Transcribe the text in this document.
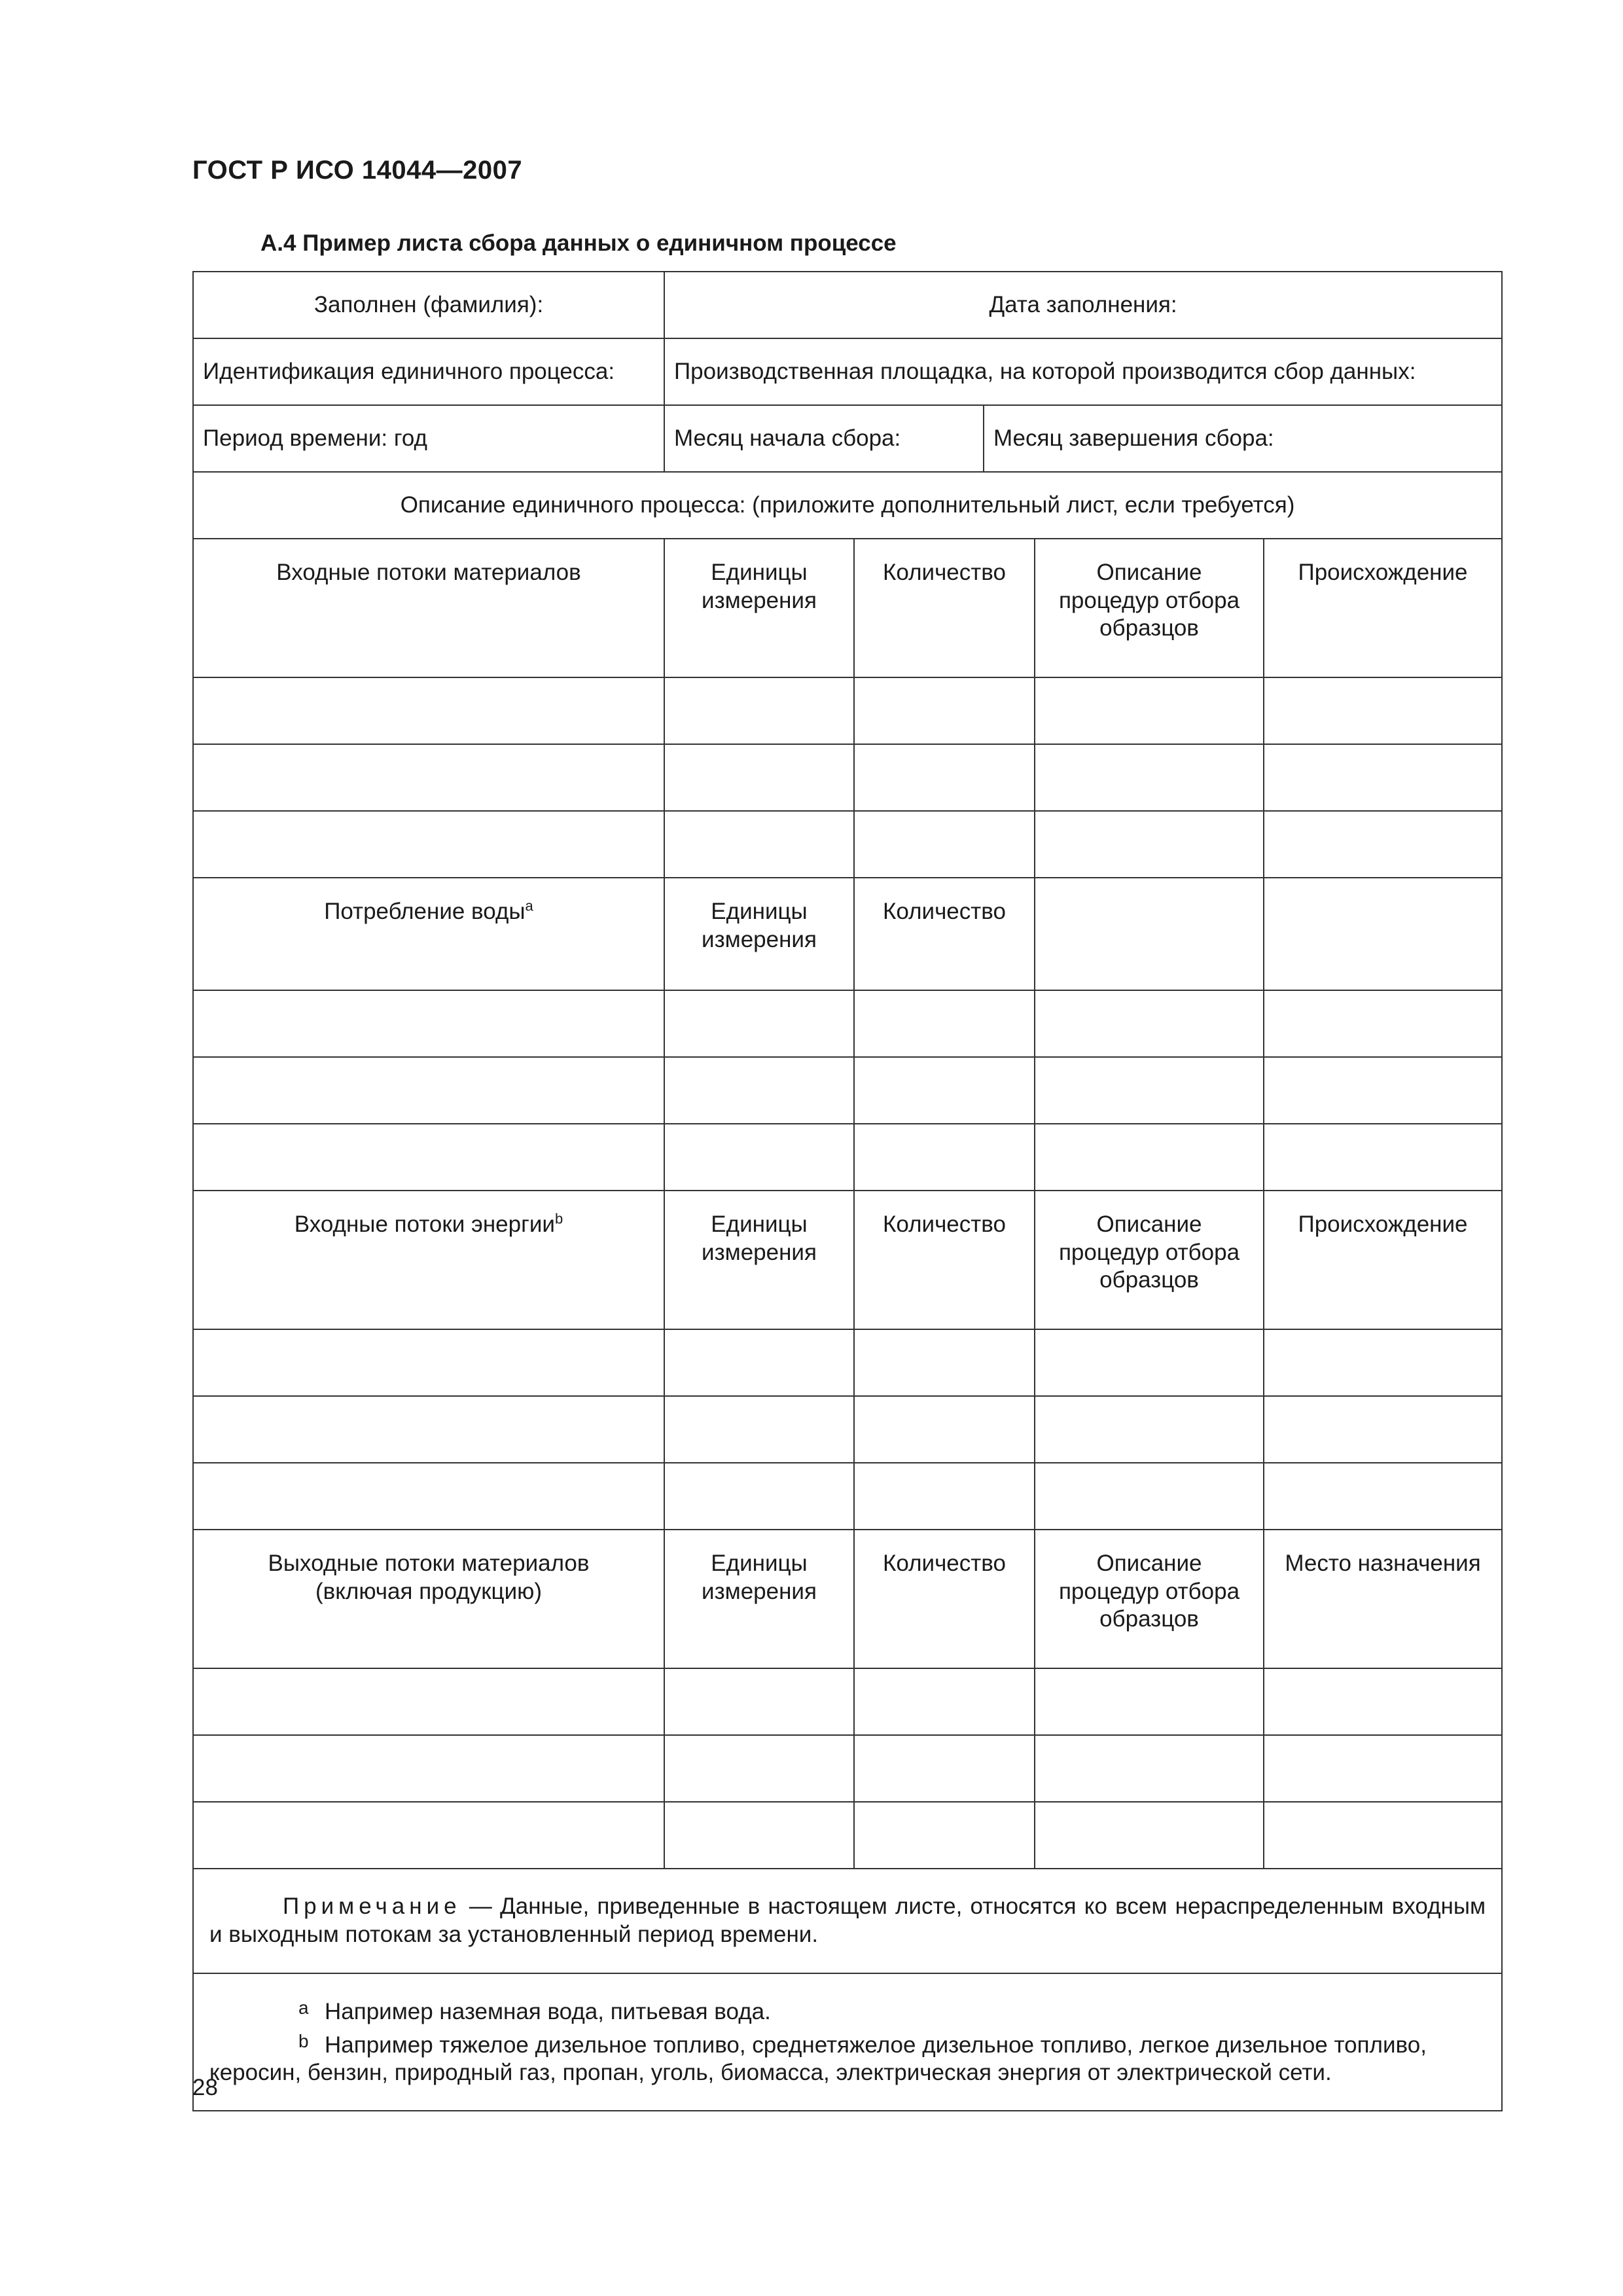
ГОСТ Р ИСО 14044—2007
А.4 Пример листа сбора данных о единичном процессе
Заполнен (фамилия):	Дата заполнения:				
Идентификация единичного процесса:	Производственная площадка, на которой производится сбор данных:				
Период времени: год	Месяц начала сбора:		Месяц завершения сбора:		
Описание единичного процесса: (приложите дополнительный лист, если требуется)					
Входные потоки материалов	Единицы измерения	Количество		Описание процедур отбора образцов	Происхождение

Потребление воды$^a$	Единицы измерения	Количество			

Входные потоки энергии$^b$	Единицы измерения	Количество		Описание процедур отбора образцов	Происхождение

Выходные потоки материалов
(включая продукцию)	Единицы измерения	Количество		Описание процедур отбора образцов	Место назначения

Примечание — Данные, приведенные в настоящем листе, относятся ко всем нераспределенным входным и выходным потокам за установленный период времени.					

a Например наземная вода, питьевая вода.
b Например тяжелое дизельное топливо, среднетяжелое дизельное топливо, легкое дизельное топливо, керосин, бензин, природный газ, пропан, уголь, биомасса, электрическая энергия от электрической сети.					
28
